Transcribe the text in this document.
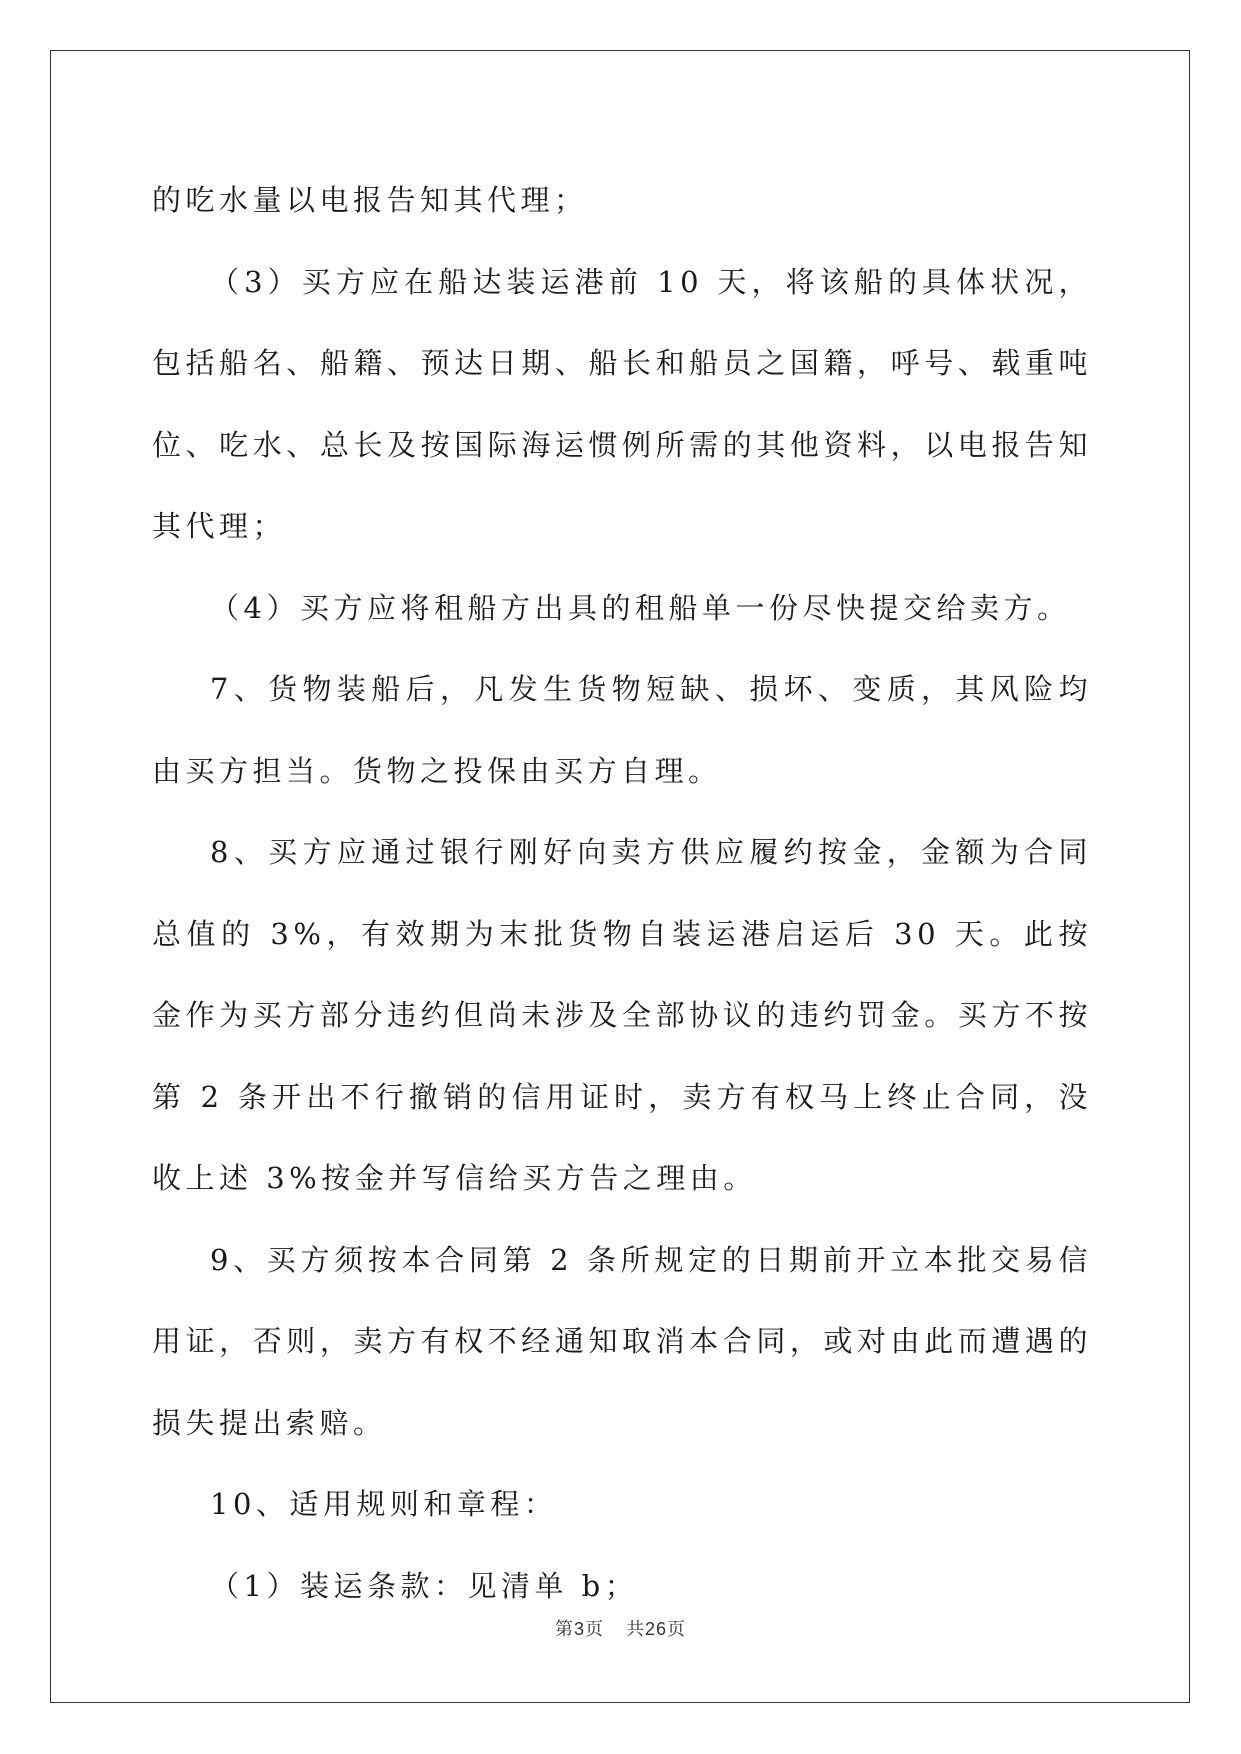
的吃水量以电报告知其代理；

（3）买方应在船达装运港前 10 天，将该船的具体状况，包括船名、船籍、预达日期、船长和船员之国籍，呼号、载重吨位、吃水、总长及按国际海运惯例所需的其他资料，以电报告知其代理；

（4）买方应将租船方出具的租船单一份尽快提交给卖方。

7、货物装船后，凡发生货物短缺、损坏、变质，其风险均由买方担当。货物之投保由买方自理。

8、买方应通过银行刚好向卖方供应履约按金，金额为合同总值的 3%，有效期为末批货物自装运港启运后 30 天。此按金作为买方部分违约但尚未涉及全部协议的违约罚金。买方不按第 2 条开出不行撤销的信用证时，卖方有权马上终止合同，没收上述 3%按金并写信给买方告之理由。

9、买方须按本合同第 2 条所规定的日期前开立本批交易信用证，否则，卖方有权不经通知取消本合同，或对由此而遭遇的损失提出索赔。

10、适用规则和章程：

（1）装运条款：见清单 b；

第3页 共26页
